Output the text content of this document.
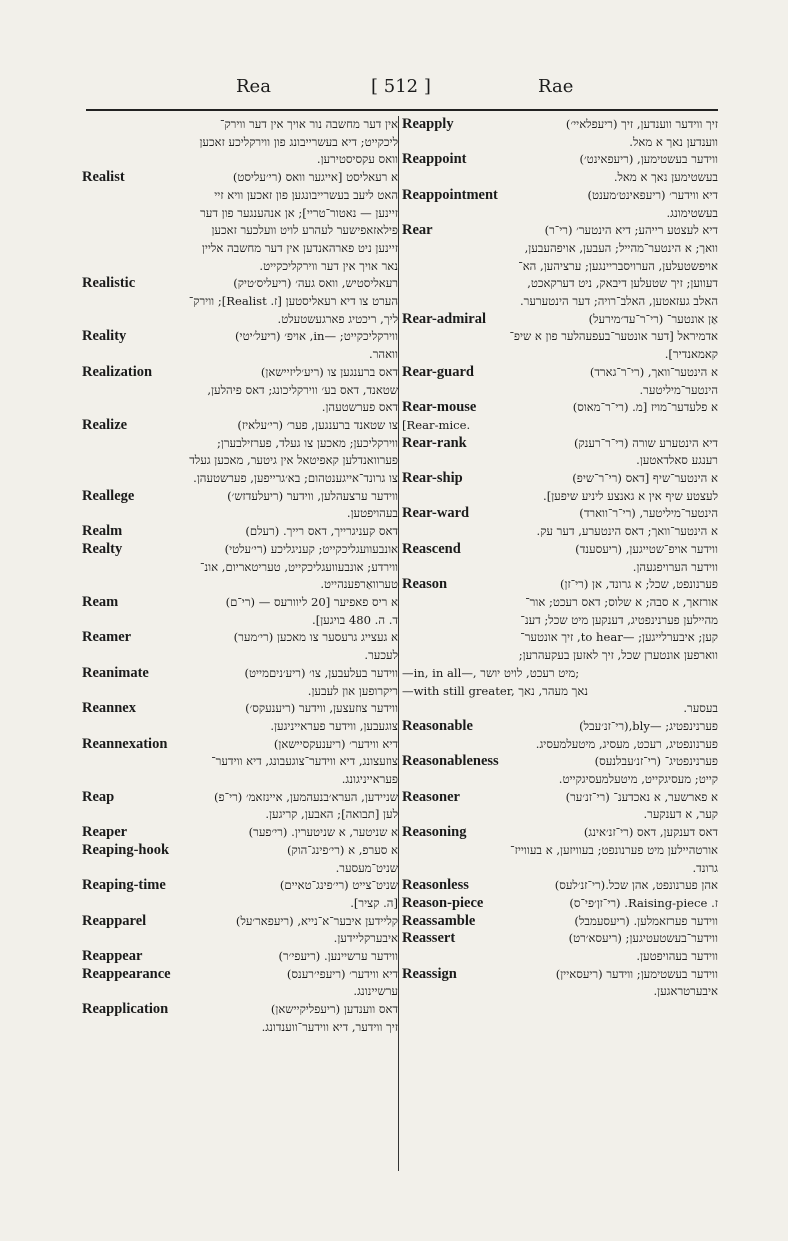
Rea	[ 512 ]	Rae
אין דער מחשבה נור אויך אין דער ווירק־
ליכקייט; דיא בעשרייבונג פון ווירקליכע זאכען
וואס עקסיסטירען.
Realist	א רעאליסט [אייגער וואס (רי׳עליסט)
האט ליעב בעשרייבונגען פון זאכען וויא זיי
זיינען — נאטור־טריי]; אן אנהענגער פון דער
פילאזאפישער לעהרע לויט וועלכער זאכען
זיינען ניט פארהאנדען אין דער מחשבה אליין
נאר אויך אין דער ווירקליכקייט.
Realistic	רעאליסטיש, וואס געה׳ (ריעליס׳טיק)
הערט צו דיא רעאליסטען [ז. Realist]; ווירק־
ליך, ריכטיג פארגעשטעלט.
Reality	ווירקליכקייט; —in, אויפ׳ (ריעל׳יטי)
וואהר.
Realization	דאס ברענגען צו (ריע׳ליזיישאן)
שטאנד, דאס בע׳ ווירקליכונג; דאס פיהלען,
דאס פערשטעהן.
Realize	צו שטאנד ברענגען, פער׳ (רי׳עלאיז)
ווירקליכען; מאכען צו געלד, פערזילבערן;
פערוואנדלען קאפיטאל אין גיטער, מאכען געלד
צו גרונד־אייגענטהום; בא׳גרייפען, פערשטעהן.
Reallege	ווידער ערצעהלען, ווידער (ריעלעדזש׳)
בעהויפטען.
Realm	דאס קעניגרייך, דאס רייך. (רעלם)
Realty	אונבעוועגליכקייט; קעניגליכע (רי׳עלטי)
ווירדע; אונבעוועגליכקייט, טעריטאריום, אונ־
טערוואַרפענהייט.
Ream	א ריס פאפיער [20 ליוורעס — (רי־ם)
ד. ה. 480 בויגען].
Reamer	א געצייג גרעסער צו מאכען (רי׳מער)
לעכער.
Reanimate	ווידער בעלעבען, צו׳ (ריע׳ניםמייט)
ריקרופען און לעבען.
Reannex	ווידער צוזעצען, ווידער (ריענעקס׳)
צוגעבען, ווידער פעראייניגען.
Reannexation	דיא ווידער׳ (ריענעקסיישאן)
צוזעצונג, דיא ווידער־צוגעבונג, דיא ווידער־
פעראייניגונג.
Reap	שניידען, הערא׳בנעהמען, איינזאמ׳ (רי־פ)
לען [תבואה]; האבען, קריגען.
Reaper	א שניטער, א שניטערין. (רי׳פער)
Reaping-hook	א סערפ, א (רי׳פינג־הוק)
שניט־מעסער.
Reaping-time	שניט־צייט (רי׳פינג־טאיים)
[ה. קציר].
Reapparel	קליידען איבער־א־נייא, (ריעפאר׳על)
איבערקליידען.
Reappear	ווידער ערשיינען. (ריעפי׳ר)
Reappearance	דיא ווידער׳ (ריעפי׳רענס)
ערשיינונג.
Reapplication	דאס ווענדען (ריעפליקיישאן)
זיך ווידער, דיא ווידער־ווענדונג.
Reapply	זיך ווידער ווענדען, זיך (ריעפלאיי׳)
ווענדען נאך א מאל.
Reappoint	ווידער בעשטימען, (ריעפאינט׳)
בעשטימען נאך א מאל.
Reappointment	דיא ווידער׳ (ריעפאינט׳מענט)
בעשטימונג.
Rear	דיא לעצטע רייהע; דיא הינטער׳ (רי־ר)
וואך; א הינטער־מהייל; העבען, אויפהעבען,
אויפשטעלען, הערויסבריינגען; ערציהען, הא־
דעווען; זיך שטעלען דיבאק, ניט דערקאכט,
האלב געזאטען, האלב־רויה; דער הינטערער.
Rear-admiral	אַן אונטער־ (רי־ר־עד׳מירעל)
אדמיראל [דער אונטער־בעפעהלער פון א שיפ־
קאמאנדיר].
Rear-guard	א הינטער־וואך, (רי־ר־גארד)
הינטער־מיליטער.
Rear-mouse	א פלעדער־מויז [מ. (רי־ר־מאוס)
[Rear-mice.
Rear-rank	דיא הינטערע שורה (רי־ר־רענק)
רענגע סאלדאטען.
Rear-ship	א הינטער־שיף [דאס (רי־ר־שיפ)
לעצטע שיף אין א גאנצע ליניע שיפען].
Rear-ward	הינטער־מיליטער, (רי־ר־ווארד)
א הינטער־וואך; דאס הינטערע, דער עק.
Reascend	ווידער אויפ־שטייגען, (ריעסענד)
ווידער הערויפגעהן.
Reason	פערנונפט, שכל; א גרונד, אן (רי־זן)
אורזאך, א סבה; א שלוס; דאס רעכט; אור־
מהיילען פערנינפטיג, דענקען מיט שכל; דענ־
קען; איבערלייגען; —to hear, זיך אונטער־
ווארפען אונטערן שכל, זיך לאזען בעקעהרען;
—in, in all—, מיט רעכט, לויט יושר;
—with still greater, נאך מעהר, נאך
בעסער.
Reasonable	פערנינפטיג; —bly,(רי־זנ׳עבל)
פערנונפטיג, רעכט, מעסיג, מיטעלמעסיג.
Reasonableness	פערנינפטיג־ (רי־זנ׳עבלנעס)
קייט; מעסיגקייט, מיטעלמעסיגקייט.
Reasoner	א פארשער, א נאכדענ־ (רי־זנ׳ער)
קער, א דענקער.
Reasoning	דאס דענקען, דאס (רי־זנ׳אינג)
אורטהיילען מיט פערנונפט; בעוויזען, א בעווייז־
גרונד.
Reasonless	אהן פערנונפט, אהן שכל.(רי־זנ׳לעס)
Reason-piece	ז. Raising-piece. (רי־זן׳פי־ס)
Reassamble	ווידער פערזאמלען. (ריעסעמבל)
Reassert	ווידער־בעשטעטיגען; (ריעסא׳רט)
ווידער בעהויפטען.
Reassign	ווידער בעשטימען; ווידער (ריעסאיין)
איבערטראגען.
